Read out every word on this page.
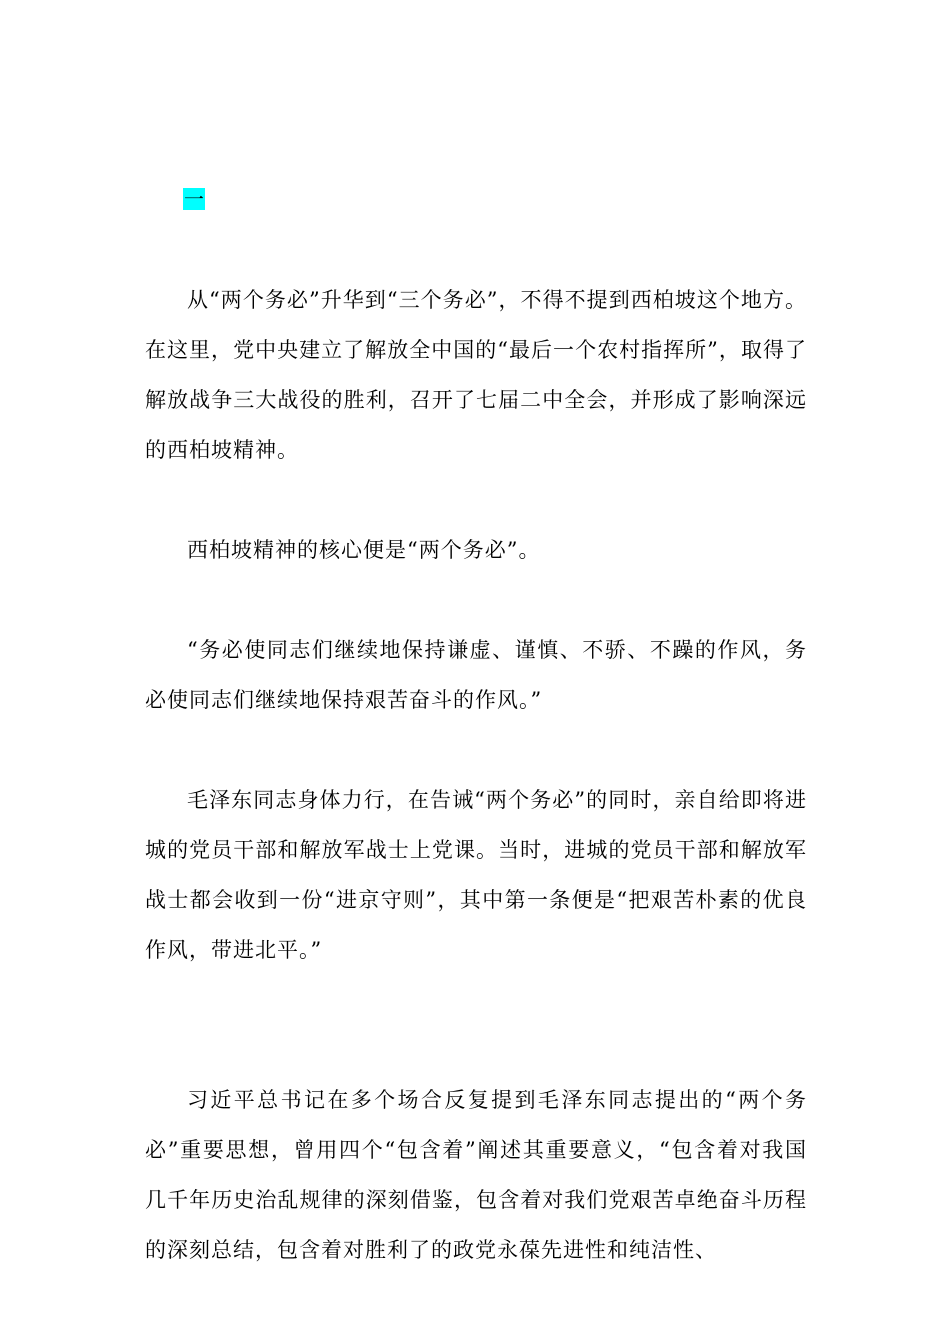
一

从“两个务必”升华到“三个务必”，不得不提到西柏坡这个地方。在这里，党中央建立了解放全中国的“最后一个农村指挥所”，取得了解放战争三大战役的胜利，召开了七届二中全会，并形成了影响深远的西柏坡精神。

西柏坡精神的核心便是“两个务必”。

“务必使同志们继续地保持谦虚、谨慎、不骄、不躁的作风，务必使同志们继续地保持艰苦奋斗的作风。”

毛泽东同志身体力行，在告诫“两个务必”的同时，亲自给即将进城的党员干部和解放军战士上党课。当时，进城的党员干部和解放军战士都会收到一份“进京守则”，其中第一条便是“把艰苦朴素的优良作风，带进北平。”

习近平总书记在多个场合反复提到毛泽东同志提出的“两个务必”重要思想，曾用四个“包含着”阐述其重要意义，“包含着对我国几千年历史治乱规律的深刻借鉴，包含着对我们党艰苦卓绝奋斗历程的深刻总结，包含着对胜利了的政党永葆先进性和纯洁性、
